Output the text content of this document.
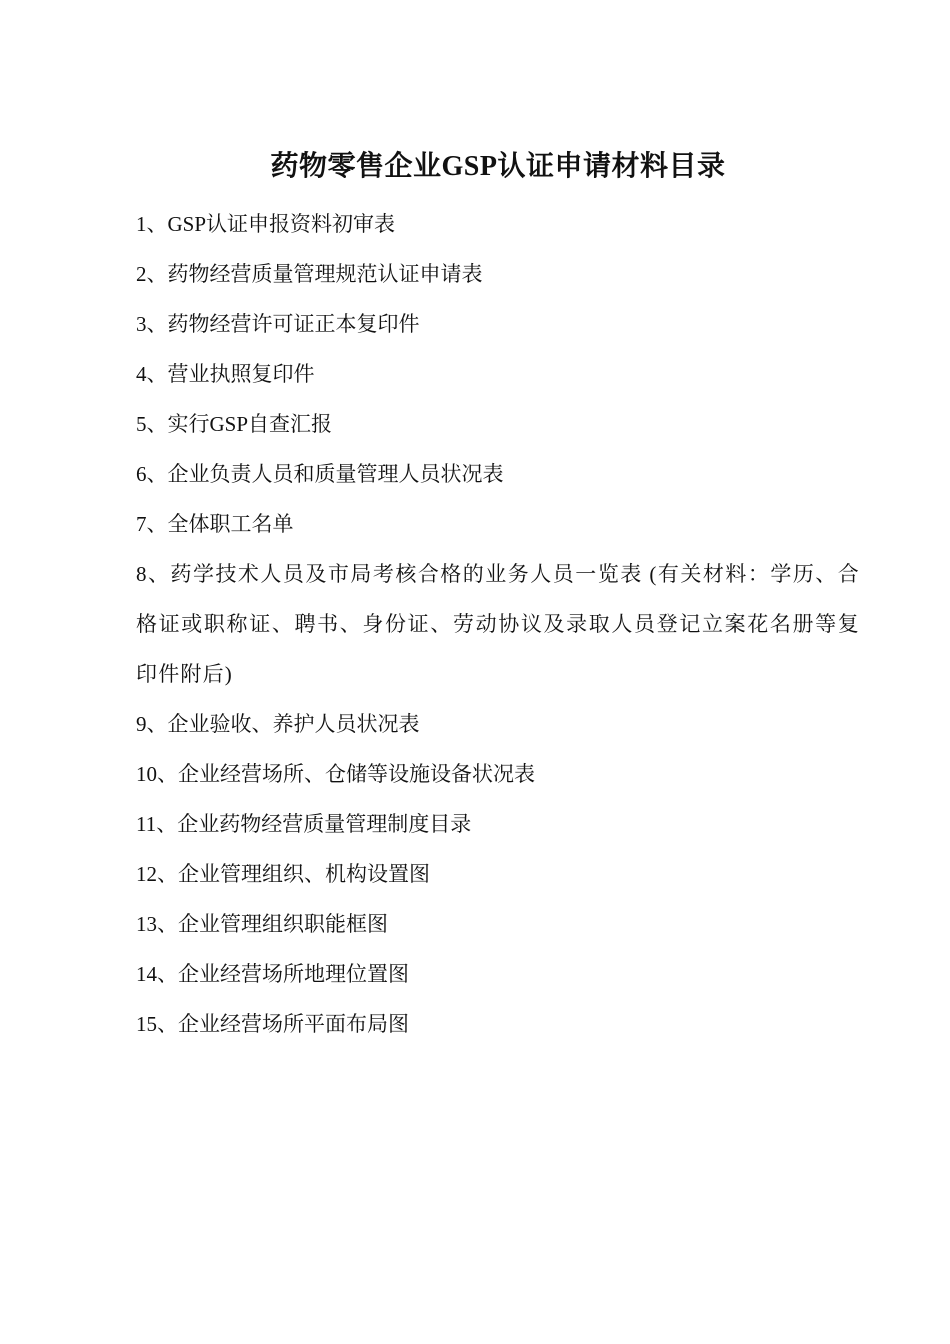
药物零售企业GSP认证申请材料目录
1、GSP认证申报资料初审表
2、药物经营质量管理规范认证申请表
3、药物经营许可证正本复印件
4、营业执照复印件
5、实行GSP自查汇报
6、企业负责人员和质量管理人员状况表
7、全体职工名单
8、药学技术人员及市局考核合格的业务人员一览表 (有关材料：学历、合格证或职称证、聘书、身份证、劳动协议及录取人员登记立案花名册等复印件附后)
9、企业验收、养护人员状况表
10、企业经营场所、仓储等设施设备状况表
11、企业药物经营质量管理制度目录
12、企业管理组织、机构设置图
13、企业管理组织职能框图
14、企业经营场所地理位置图
15、企业经营场所平面布局图
